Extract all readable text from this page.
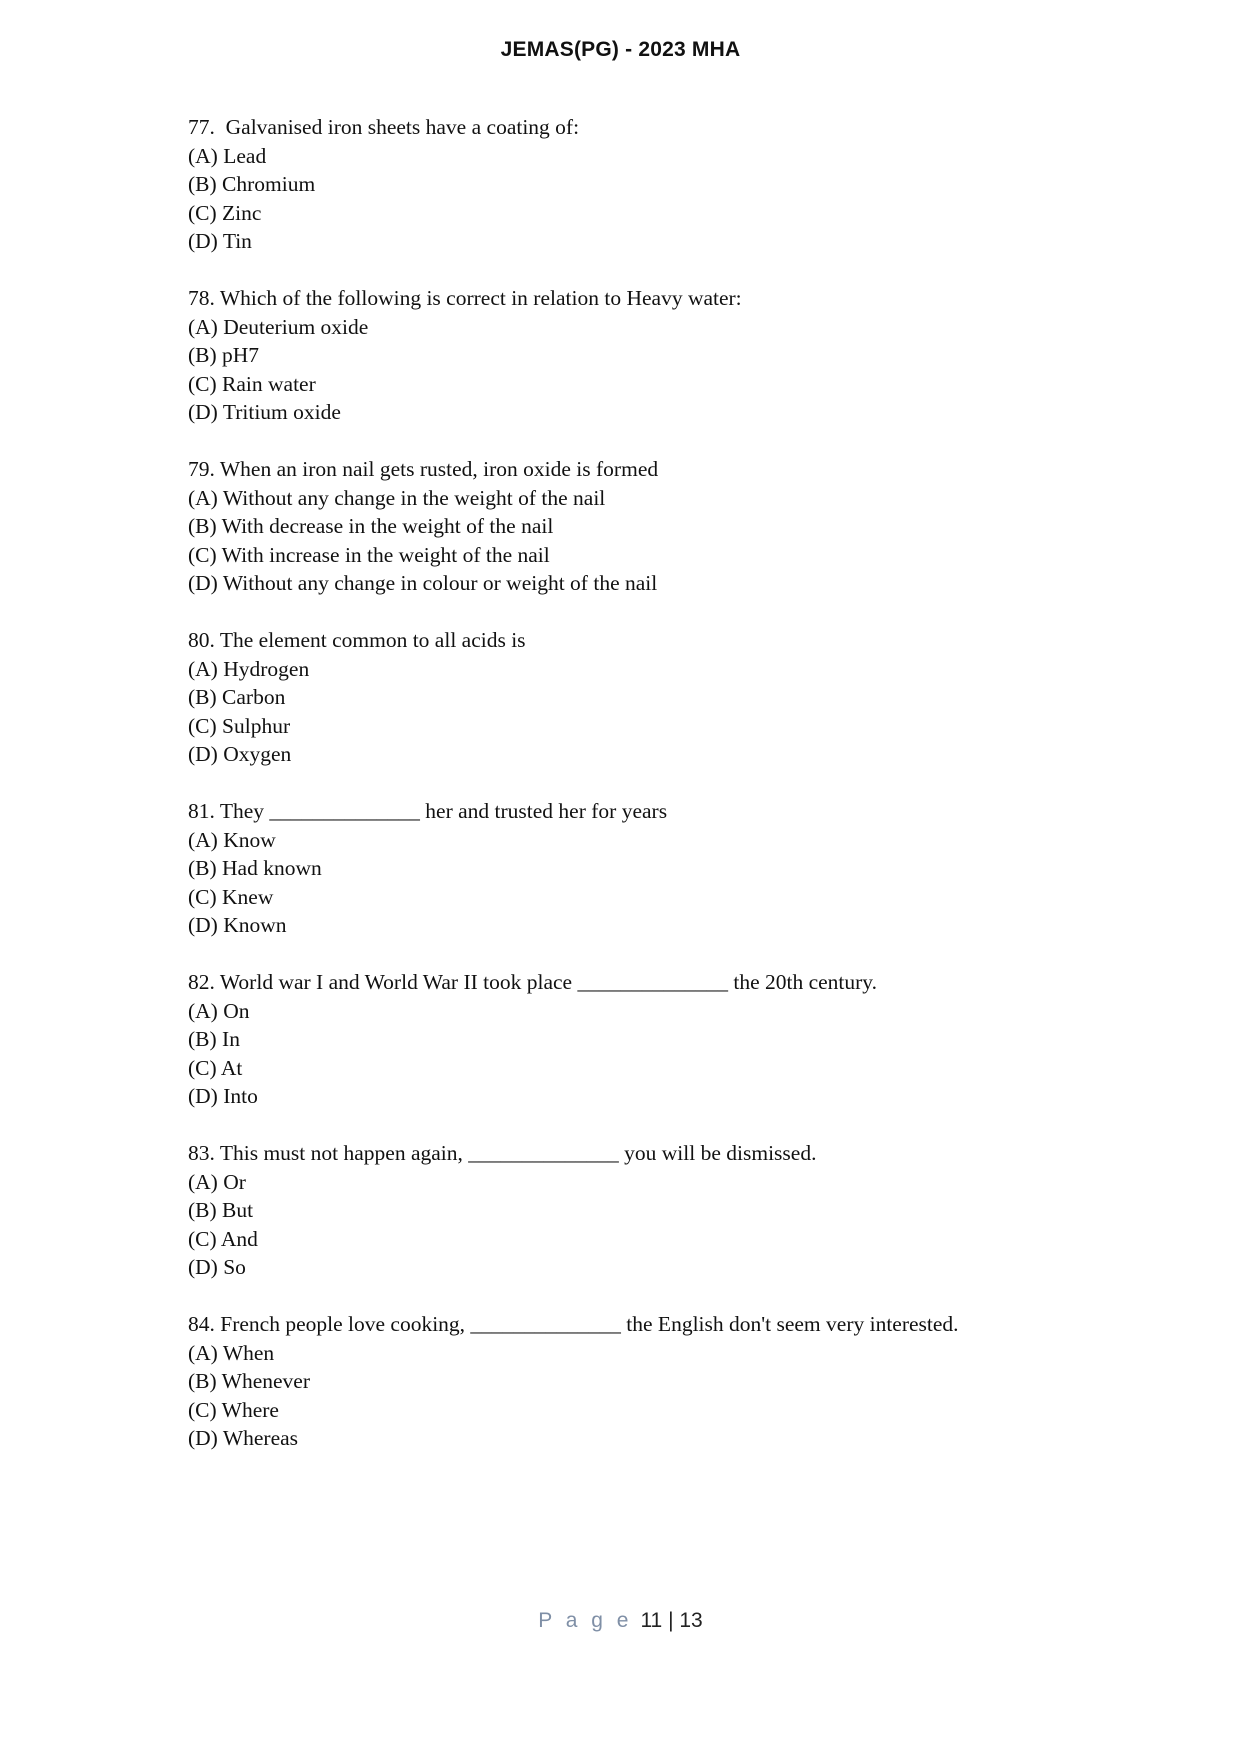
JEMAS(PG) - 2023 MHA
77.  Galvanised iron sheets have a coating of:
(A) Lead
(B) Chromium
(C) Zinc
(D) Tin
78. Which of the following is correct in relation to Heavy water:
(A) Deuterium oxide
(B) pH7
(C) Rain water
(D) Tritium oxide
79. When an iron nail gets rusted, iron oxide is formed
(A) Without any change in the weight of the nail
(B) With decrease in the weight of the nail
(C) With increase in the weight of the nail
(D) Without any change in colour or weight of the nail
80. The element common to all acids is
(A) Hydrogen
(B) Carbon
(C) Sulphur
(D) Oxygen
81. They ______________ her and trusted her for years
(A) Know
(B) Had known
(C) Knew
(D) Known
82. World war I and World War II took place ______________ the 20th century.
(A) On
(B) In
(C) At
(D) Into
83. This must not happen again, ______________ you will be dismissed.
(A) Or
(B) But
(C) And
(D) So
84. French people love cooking, ______________ the English don't seem very interested.
(A) When
(B) Whenever
(C) Where
(D) Whereas
P a g e 11 | 13
